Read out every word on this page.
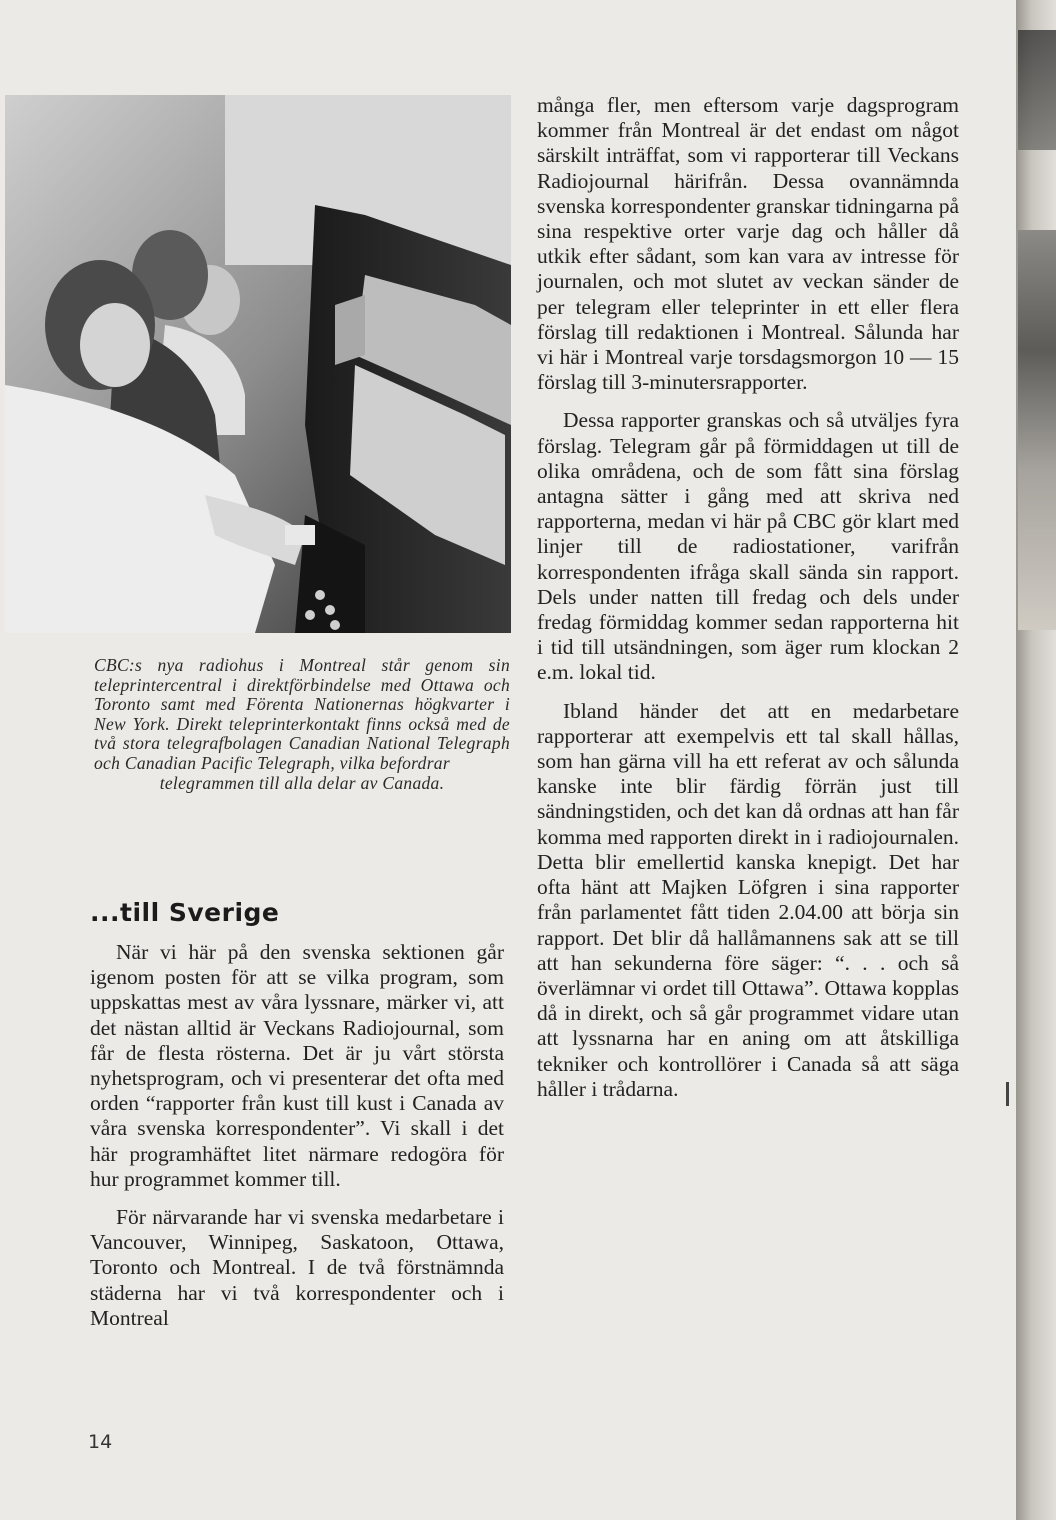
CBC:s nya radiohus i Montreal står genom sin teleprintercentral i direktförbindelse med Ottawa och Toronto samt med Förenta Nationernas högkvarter i New York. Direkt teleprinterkontakt finns också med de två stora telegrafbolagen Canadian National Telegraph och Canadian Pacific Telegraph, vilka befordrar
telegrammen till alla delar av Canada.

...till Sverige

När vi här på den svenska sektionen går igenom posten för att se vilka program, som uppskattas mest av våra lyssnare, märker vi, att det nästan alltid är Veckans Radiojournal, som får de flesta rösterna. Det är ju vårt största nyhetsprogram, och vi presenterar det ofta med orden “rapporter från kust till kust i Canada av våra svenska korrespondenter”. Vi skall i det här programhäftet litet närmare redogöra för hur programmet kommer till.

För närvarande har vi svenska medarbetare i Vancouver, Winnipeg, Saskatoon, Ottawa, Toronto och Montreal. I de två förstnämnda städerna har vi två korrespondenter och i Montreal

många fler, men eftersom varje dagsprogram kommer från Montreal är det endast om något särskilt inträffat, som vi rapporterar till Veckans Radiojournal härifrån. Dessa ovannämnda svenska korrespondenter granskar tidningarna på sina respektive orter varje dag och håller då utkik efter sådant, som kan vara av intresse för journalen, och mot slutet av veckan sänder de per telegram eller teleprinter in ett eller flera förslag till redaktionen i Montreal. Sålunda har vi här i Montreal varje torsdagsmorgon 10 — 15 förslag till 3-minutersrapporter.

Dessa rapporter granskas och så utväljes fyra förslag. Telegram går på förmiddagen ut till de olika områdena, och de som fått sina förslag antagna sätter i gång med att skriva ned rapporterna, medan vi här på CBC gör klart med linjer till de radiostationer, varifrån korrespondenten ifråga skall sända sin rapport. Dels under natten till fredag och dels under fredag förmiddag kommer sedan rapporterna hit i tid till utsändningen, som äger rum klockan 2 e.m. lokal tid.

Ibland händer det att en medarbetare rapporterar att exempelvis ett tal skall hållas, som han gärna vill ha ett referat av och sålunda kanske inte blir färdig förrän just till sändningstiden, och det kan då ordnas att han får komma med rapporten direkt in i radiojournalen. Detta blir emellertid kanska knepigt. Det har ofta hänt att Majken Löfgren i sina rapporter från parlamentet fått tiden 2.04.00 att börja sin rapport. Det blir då hallåmannens sak att se till att han sekunderna före säger: “. . . och så överlämnar vi ordet till Ottawa”. Ottawa kopplas då in direkt, och så går programmet vidare utan att lyssnarna har en aning om att åtskilliga tekniker och kontrollörer i Canada så att säga håller i trådarna.

14
